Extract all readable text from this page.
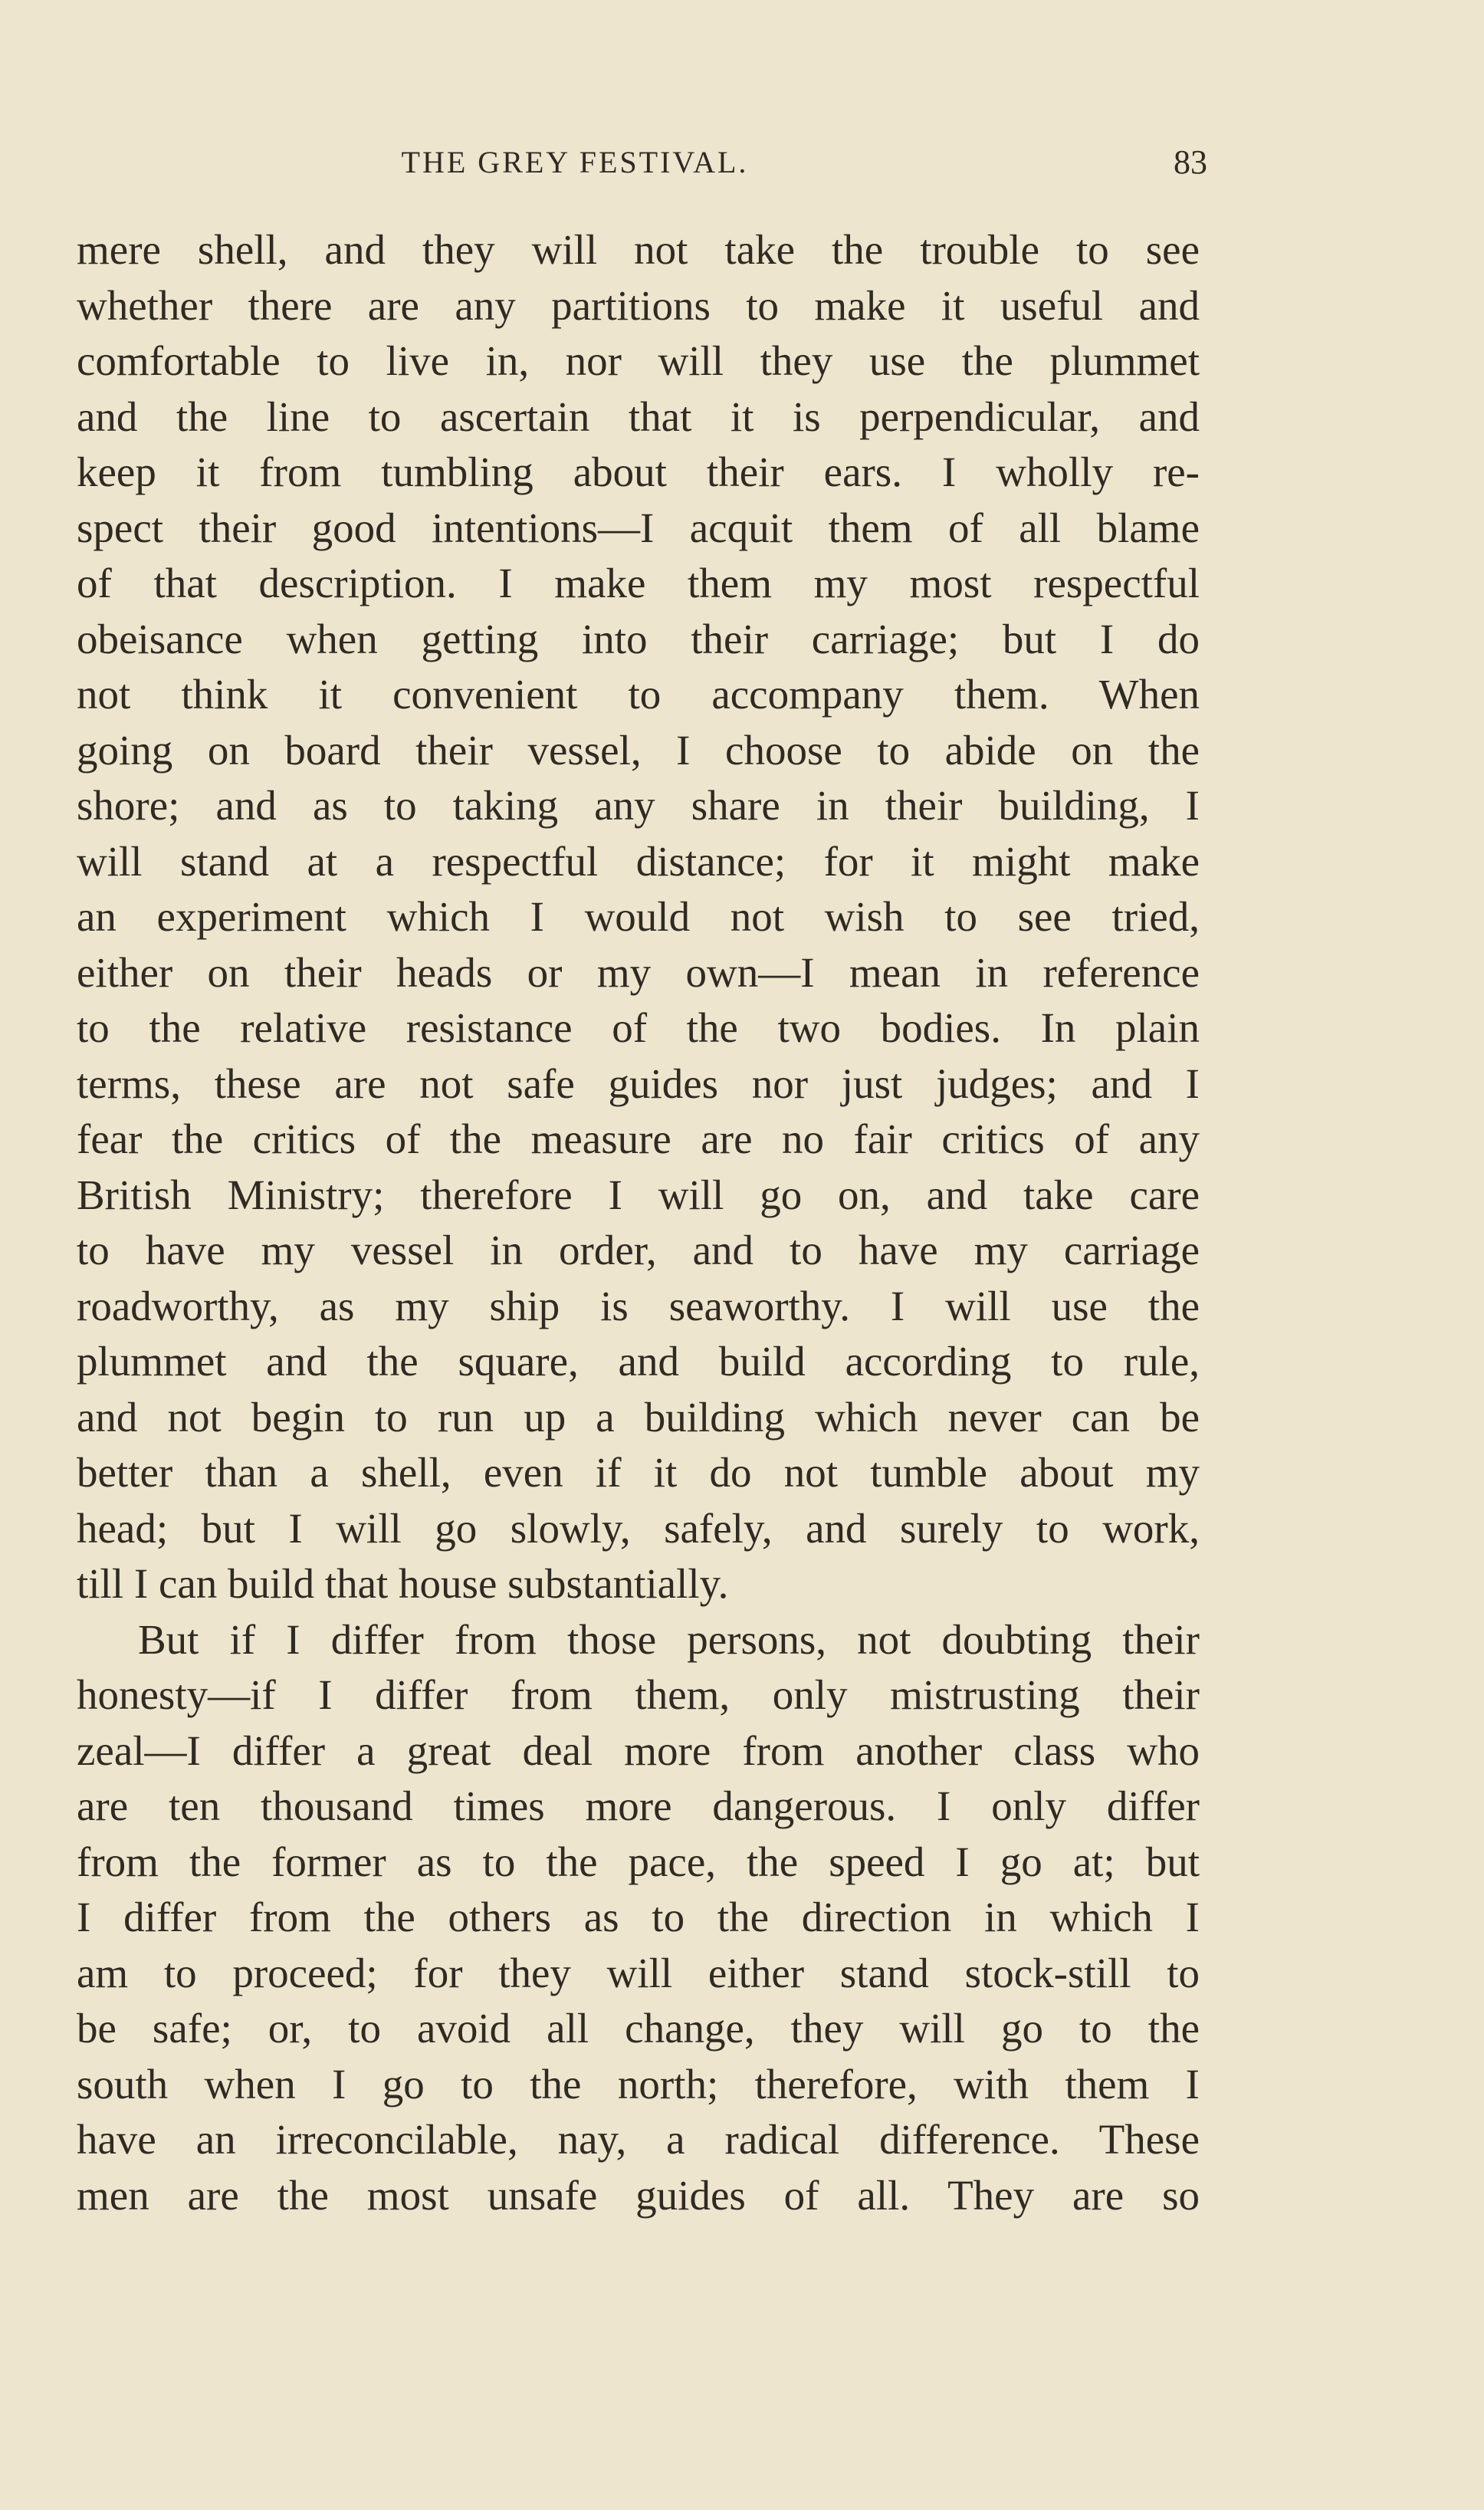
THE GREY FESTIVAL.	83
mere shell, and they will not take the trouble to see
whether there are any partitions to make it useful and
comfortable to live in, nor will they use the plummet
and the line to ascertain that it is perpendicular, and
keep it from tumbling about their ears. I wholly re-
spect their good intentions—I acquit them of all blame
of that description. I make them my most respectful
obeisance when getting into their carriage; but I do
not think it convenient to accompany them. When
going on board their vessel, I choose to abide on the
shore; and as to taking any share in their building, I
will stand at a respectful distance; for it might make
an experiment which I would not wish to see tried,
either on their heads or my own—I mean in reference
to the relative resistance of the two bodies. In plain
terms, these are not safe guides nor just judges; and I
fear the critics of the measure are no fair critics of any
British Ministry; therefore I will go on, and take care
to have my vessel in order, and to have my carriage
roadworthy, as my ship is seaworthy. I will use the
plummet and the square, and build according to rule,
and not begin to run up a building which never can be
better than a shell, even if it do not tumble about my
head; but I will go slowly, safely, and surely to work,
till I can build that house substantially.
But if I differ from those persons, not doubting their
honesty—if I differ from them, only mistrusting their
zeal—I differ a great deal more from another class who
are ten thousand times more dangerous. I only differ
from the former as to the pace, the speed I go at; but
I differ from the others as to the direction in which I
am to proceed; for they will either stand stock-still to
be safe; or, to avoid all change, they will go to the
south when I go to the north; therefore, with them I
have an irreconcilable, nay, a radical difference. These
men are the most unsafe guides of all. They are so
